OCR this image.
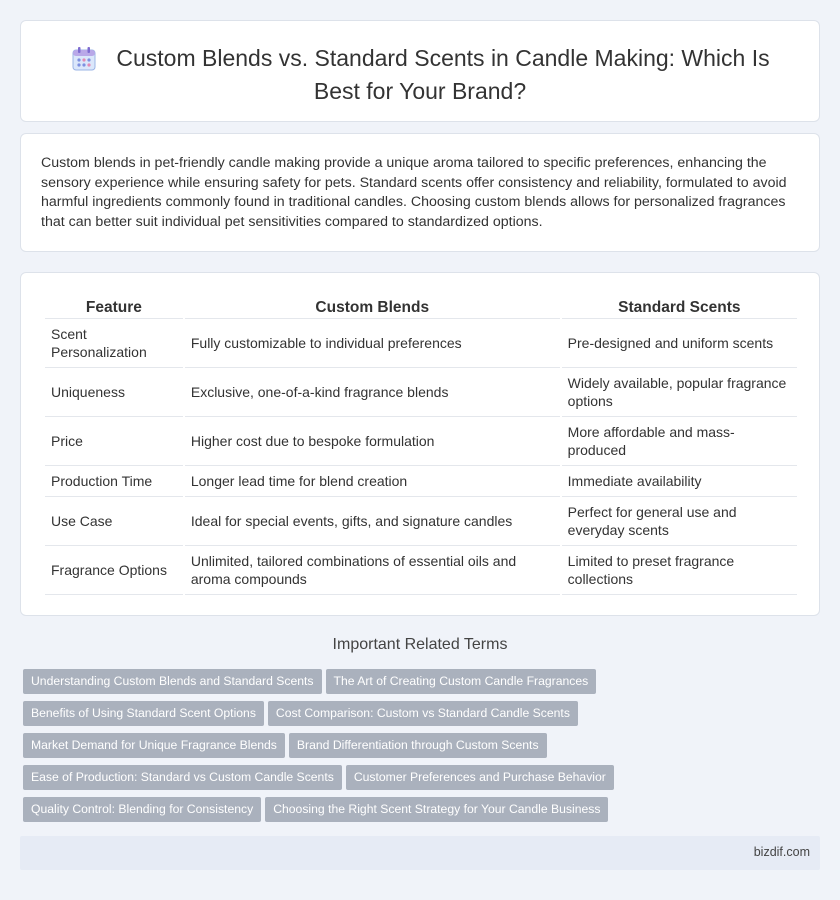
Custom Blends vs. Standard Scents in Candle Making: Which Is
Best for Your Brand?

Custom blends in pet-friendly candle making provide a unique aroma tailored to specific preferences, enhancing the sensory experience while ensuring safety for pets. Standard scents offer consistency and reliability, formulated to avoid harmful ingredients commonly found in traditional candles. Choosing custom blends allows for personalized fragrances that can better suit individual pet sensitivities compared to standardized options.

Feature	Custom Blends	Standard Scents
Scent Personalization	Fully customizable to individual preferences	Pre-designed and uniform scents
Uniqueness	Exclusive, one-of-a-kind fragrance blends	Widely available, popular fragrance options
Price	Higher cost due to bespoke formulation	More affordable and mass-produced
Production Time	Longer lead time for blend creation	Immediate availability
Use Case	Ideal for special events, gifts, and signature candles	Perfect for general use and everyday scents
Fragrance Options	Unlimited, tailored combinations of essential oils and aroma compounds	Limited to preset fragrance collections
Important Related Terms
Understanding Custom Blends and Standard Scents The Art of Creating Custom Candle Fragrances
Benefits of Using Standard Scent Options Cost Comparison: Custom vs Standard Candle Scents
Market Demand for Unique Fragrance Blends Brand Differentiation through Custom Scents
Ease of Production: Standard vs Custom Candle Scents Customer Preferences and Purchase Behavior
Quality Control: Blending for Consistency Choosing the Right Scent Strategy for Your Candle Business
bizdif.com
